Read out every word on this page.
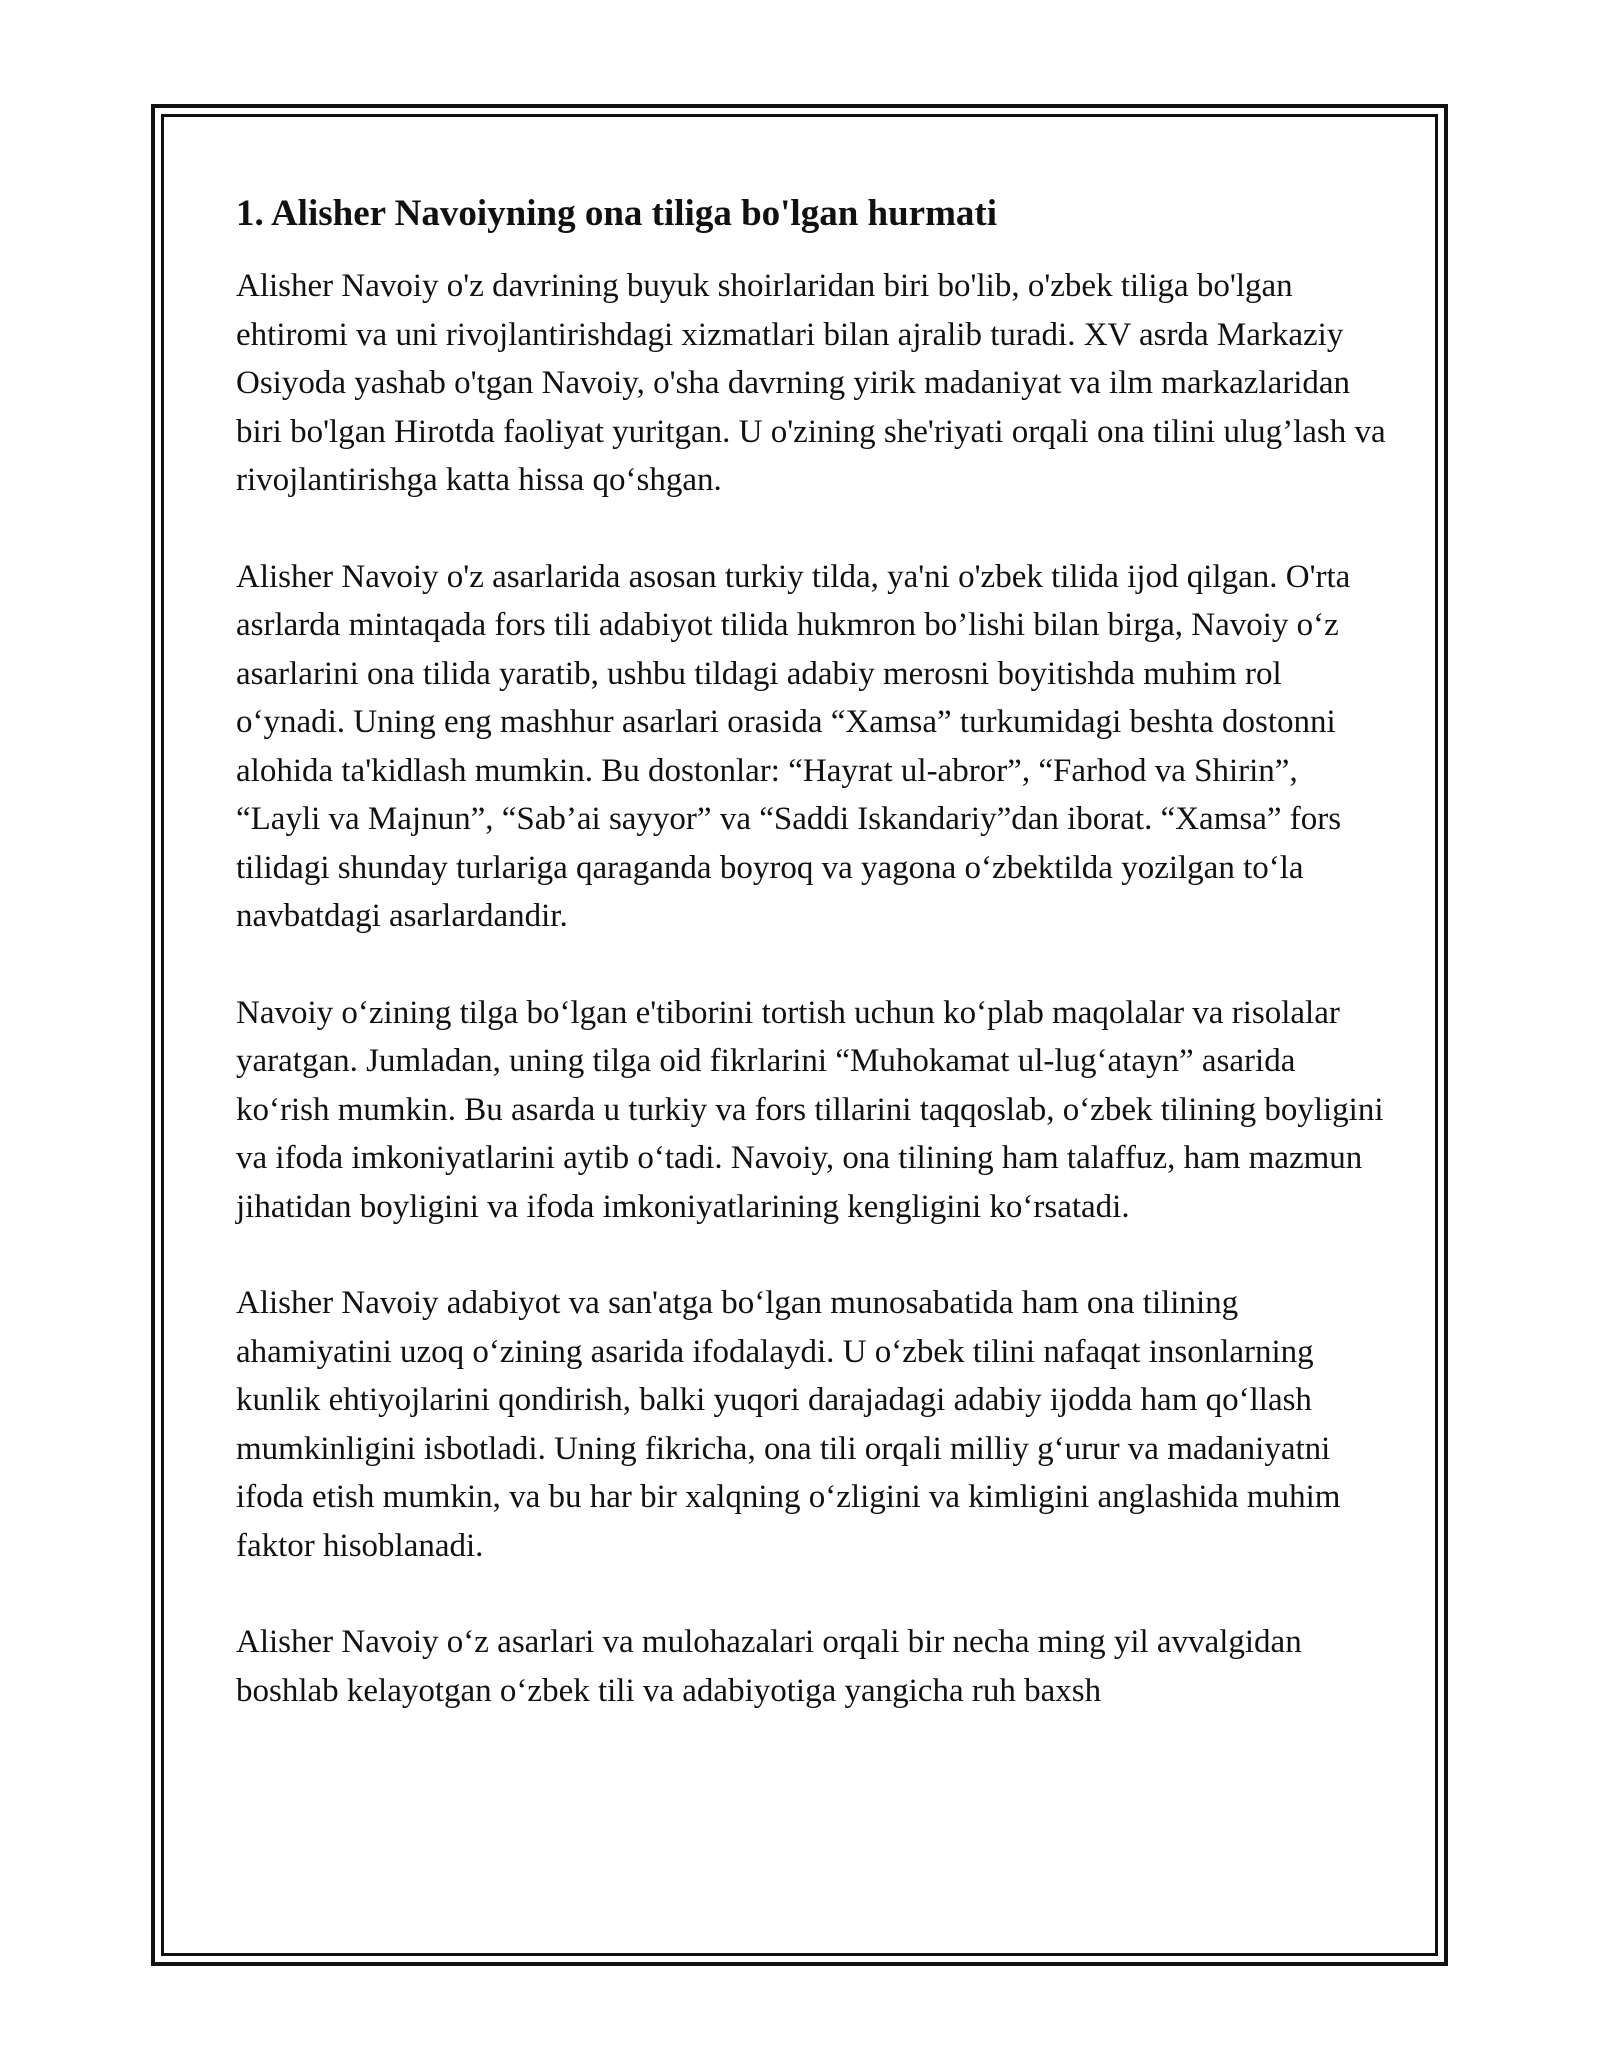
1. Alisher Navoiyning ona tiliga bo'lgan hurmati

Alisher Navoiy o'z davrining buyuk shoirlaridan biri bo'lib, o'zbek tiliga bo'lgan ehtiromi va uni rivojlantirishdagi xizmatlari bilan ajralib turadi. XV asrda Markaziy Osiyoda yashab o'tgan Navoiy, o'sha davrning yirik madaniyat va ilm markazlaridan biri bo'lgan Hirotda faoliyat yuritgan. U o'zining she'riyati orqali ona tilini ulug’lash va rivojlantirishga katta hissa qo‘shgan.

Alisher Navoiy o'z asarlarida asosan turkiy tilda, ya'ni o'zbek tilida ijod qilgan. O'rta asrlarda mintaqada fors tili adabiyot tilida hukmron bo’lishi bilan birga, Navoiy o‘z asarlarini ona tilida yaratib, ushbu tildagi adabiy merosni boyitishda muhim rol o‘ynadi. Uning eng mashhur asarlari orasida “Xamsa” turkumidagi beshta dostonni alohida ta'kidlash mumkin. Bu dostonlar: “Hayrat ul-abror”, “Farhod va Shirin”, “Layli va Majnun”, “Sab’ai sayyor” va “Saddi Iskandariy”dan iborat. “Xamsa” fors tilidagi shunday turlariga qaraganda boyroq va yagona o‘zbektilda yozilgan to‘la navbatdagi asarlardandir.

Navoiy o‘zining tilga bo‘lgan e'tiborini tortish uchun ko‘plab maqolalar va risolalar yaratgan. Jumladan, uning tilga oid fikrlarini “Muhokamat ul-lug‘atayn” asarida ko‘rish mumkin. Bu asarda u turkiy va fors tillarini taqqoslab, o‘zbek tilining boyligini va ifoda imkoniyatlarini aytib o‘tadi. Navoiy, ona tilining ham talaffuz, ham mazmun jihatidan boyligini va ifoda imkoniyatlarining kengligini ko‘rsatadi.

Alisher Navoiy adabiyot va san'atga bo‘lgan munosabatida ham ona tilining ahamiyatini uzoq o‘zining asarida ifodalaydi. U o‘zbek tilini nafaqat insonlarning kunlik ehtiyojlarini qondirish, balki yuqori darajadagi adabiy ijodda ham qo‘llash mumkinligini isbotladi. Uning fikricha, ona tili orqali milliy g‘urur va madaniyatni ifoda etish mumkin, va bu har bir xalqning o‘zligini va kimligini anglashida muhim faktor hisoblanadi.

Alisher Navoiy o‘z asarlari va mulohazalari orqali bir necha ming yil avvalgidan boshlab kelayotgan o‘zbek tili va adabiyotiga yangicha ruh baxsh
